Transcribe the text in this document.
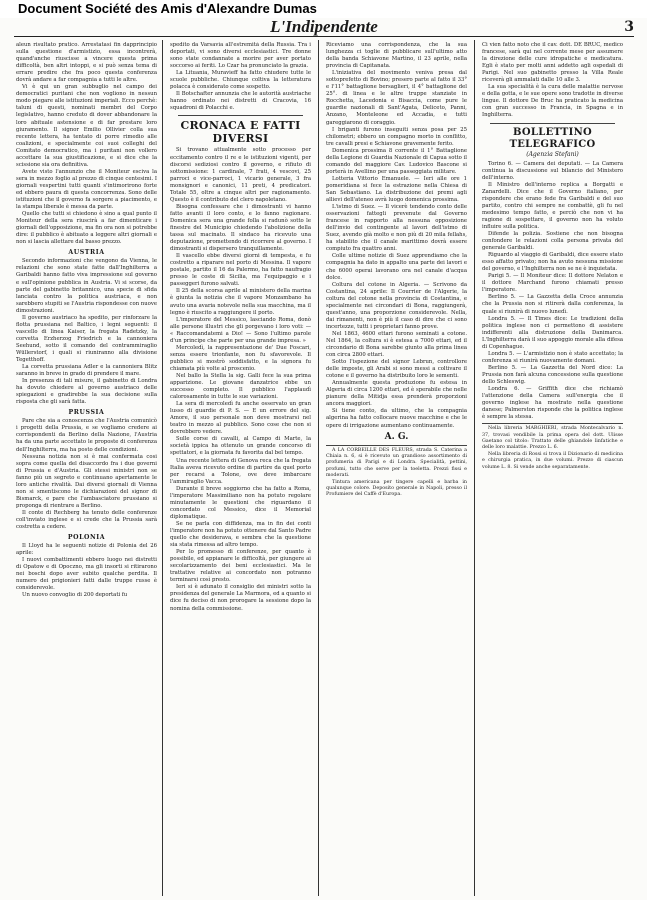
Document Société des Amis d'Alexandre Dumas
L'Indipendente	3

aleun risultato pratico. Arrestatasi fin dapprincipio sulla questione d'armistizio, essa incontrerà, quand'anche riuscisse a vincere questa prima difficoltà, ben altri intoppi, e si può senza tema di errare predire che fra poco questa conferenza dovrà andare a far compagnia a tutti le altre.

Vi è qui un gran subbuglio nel campo dei democratici puritani che non vogliono in nessun modo piegare alle istituzioni imperiali. Ecco perchè: taluni di questi, nominati membri del Corpo legislativo, hanno creduto di dover abbandonare la loro abituale astensione e di far prestare loro giuramento. Il signor Emilio Ollivier colla sua recente lettera, ha tentato di porre rimedio alle coalizioni, e specialmente coi suoi colleghi del Comitato democratico, ma i puritani non vollero accettare la sua giustificazione, e si dice che la scissione sia ora definitiva.

Avete visto l'annunzio che il Moniteur esciva la sera in mezzo foglio al prezzo di cinque centesimi. I giornali vespertini tutti quanti s'intimorirono forte ed ebbero paura di questa concorrenza. Sono delle istituzioni che il governo fa sorgere a piacimento, e la stampa liberale è messa da parte.

Quello che tutti si chiedono è sino a qual punto il Moniteur della sera riuscirà a far dimenticare i giornali dell'opposizione, ma fin ora non si potrebbe dire: il pubblico è abituato a leggere altri giornali e non si lascia allettare dal basso prezzo.

AUSTRIA

Secondo informazioni che vengono da Vienna, le relazioni che sono state fatte dall'Inghilterra a Garibaldi hanno fatto viva impressione sul governo e sull'opinione pubblica in Austria. Vi si scorse, da parte del gabinetto britannico, una specie di sfida lanciata contro la politica austriaca, e non sarebbero stupiti se l'Austria rispondesse con nuove dimostrazioni.

Il governo austriaco ha spedito, per rinforzare la flotta prussiana nel Baltico, i legni seguenti: il vascello di linea Kaiser, la fregata Radetzky, la corvetta Erzherzog Friedrich e la cannoniera Seehund, sotto il comando del contrammiraglio Wüllerstorf, i quali si riuniranno alla divisione Tegetthoff.

La corvetta prussiana Adler e la cannoniera Blitz saranno in breve in grado di prendere il mare.

In presenza di tali misure, il gabinetto di Londra ha dovuto chiedere al governo austriaco delle spiegazioni e gradirebbe la sua decisione sulla risposta che gli sarà fatta.

PRUSSIA

Pare che sia a conoscenza che l'Austria comunicò i progetti della Prussia, e se vogliamo credere ai corrispondenti da Berlino della Nazione, l'Austria ha da una parte accettato le proposte di conferenza dell'Inghilterra, ma ha posto delle condizioni.

Nessuna notizia non si è mai confermata cosi sopra come quella del disaccordo fra i due governi di Prussia e d'Austria. Gli stessi ministri non se fanno più un segreto e continuano apertamente le loro antiche rivalità. Dai diversi giornali di Vienna non si smentiscono le dichiarazioni del signor di Bismarck, e pare che l'ambasciatore prussiano si proponga di rientrare a Berlino.

Il conte di Rechberg ha tenuto delle conferenze coll'inviato inglese e si crede che la Prussia sarà costretta a cedere.

POLONIA

Il Lloyd ha le seguenti notizie di Polonia del 26 aprile:

I nuovi combattimenti ebbero luogo nei distretti di Opatow e di Opoczno, ma gli insorti si ritirarono nei boschi dopo aver subito qualche perdita. Il numero dei prigionieri fatti dalle truppe russe è considerevole.

Un nuovo convoglio di 200 deportati fu

spedito da Varsavia all'estremità della Russia. Tra i deportati, vi sono diversi ecclesiastici. Tre donne sono state condannate a morire per aver portato soccorso ai feriti. Lo Czar ha pronunciato la grazia.

La Lituania, Muravieff ha fatto chiudere tutte le scuole pubbliche. Chiunque coltiva la letteratura polacca è considerato come sospetto.

Il Botschafter annunzia che le autorità austriache hanno ordinato nei distretti di Cracovia, 16 squadroni di Polacchi e.

CRONACA E FATTI DIVERSI

Si trovano attualmente sotto processo per eccitamento contro il re e le istituzioni vigenti, per discorsi sediziosi contro il governo, e rifiuto di sottomissione: 1 cardinale, 7 frati, 4 vescovi, 25 parroci e vice-parroci, 1 vicario generale, 3 fra monsignori e canonici, 11 preti, 4 predicatori. Totale 55, oltre a cinque altri per ragionamento. Questo è il contributo del clero napoletano.

Bisogna confessare che i dimostranti vi hanno fatto avanti il loro conto, e lo fanno ragionare. Domenica sera una grande folla si radunò sotto le finestre del Municipio chiedendo l'abolizione della tassa sul macinato. Il sindaco ha ricevuto una deputazione, promettendo di ricorrere al governo. I dimostranti si dispersero tranquillamente.

Il vascello ebbe diversi giorni di tempesta, e fu costretto a riparare nel porto di Messina. Il vapore postale, partito il 16 da Palermo, ha fatto naufragio presso le coste di Sicilia, ma l'equipaggio e i passeggeri furono salvati.

Il 25 della scorsa aprile al ministero della marina è giunta la notizia che il vapore Monzambano ha avuto una avaria notevole nella sua macchina, ma il legno è riuscito a raggiungere il porto.

L'imperatore del Messico, lasciando Roma, donò alle persone illustri che gli porgevano i loro voti: — « Raccomandatemi a Dio! — Sono l'ultimo parole d'un principe che parte per una grande impresa. »

Mercoledì, la rappresentazione de' Due Foscari, senza essere trionfante, non fu sfavorevole. Il pubblico si mostrò soddisfatto, e la signora fu chiamata più volte al proscenio.

Nel ballo la Stella la sig. Galli fece la sua prima apparizione. Le giovane danzatrice ebbe un successo completo. Il pubblico l'applaudì calorosamente in tutte le sue variazioni.

La sera di mercoledì fu anche osservato un gran lusso di guardie di P. S. — E un errore del sig. Amore, il suo personale non deve mostrarsi nel teatro in mezzo al pubblico. Sono cose che non si dovrebbero vedere.

Sulle corse di cavalli, al Campo di Marte, la società ippica ha ottenuto un grande concorso di spettatori, e la giornata fu favorita dal bel tempo.

Una recente lettera di Genova reca che la fregata Italia aveva ricevuto ordine di partire da quel porto per recarsi a Tolone, ove deve imbarcare l'ammiraglio Vacca.

Durante il breve soggiorno che ha fatto a Roma, l'imperatore Massimiliano non ha potuto regolare minutamente le questioni che riguardano il concordato col Messico, dice il Memorial diplomatique.

Se ne parla con diffidenza, ma in fin dei conti l'imperatore non ha potuto ottenere dal Santo Padre quello che desiderava, e sembra che la questione sia stata rimessa ad altro tempo.

Per lo promesso di conferenze, per quanto è possibile, ed appianare le difficoltà, per giungere ai secolarizzamento dei beni ecclesiastici. Ma le trattative relative ai concordato non potranno terminarsi così presto.

Ieri si è adunato il consiglio dei ministri sotto la presidenza del generale La Marmora, ed a quanto si dice fu deciso di non prorogare la sessione dopo la nomina della commissione.

Riceviamo una corrispondenza, che la sua lunghezza ci toglie di pubblicare sull'ultimo atto della banda Schiavone Martino, il 23 aprile, nella provincia di Capitanata.

L'iniziativa del movimento veniva presa dal sottoprefetto di Bovino; presero parte al fatto il 33° e l'11° battaglione bersaglieri, il 4° battaglione del 25°. di linea e le altre truppe stanziate in Rocchetta, Lacedonia e Bisaccia, come pure le guardie nazionali di Sant'Agata, Deliceto, Panni, Anzano, Monteleone ed Accadia, e tutti gareggiarono di coraggio.

I briganti furono inseguiti senza posa per 25 chilometri; ebbero un compagno morto in conflitto, tre cavalli presi e Schiavone gravemente ferito.

Domenica prossima 8 corrente il 1° Battaglione della Legione di Guardia Nazionale di Capua sotto il comando del maggiore Cav. Ludovico Bascone si porterà in Avellino per una passeggiata militare.

Lotteria Vittorio Emanuele. — Ieri alle ore 1 pomeridiana si fece la estrazione nella Chiesa di San Sebastiano. La distribuzione dei premi agli allievi dell'ateneo avrà luogo domenica prossima.

L'istmo di Suez. — Il vicerè tendendo conto delle osservazioni fattegli prevenute dal Governo francese in rapporto alla nessuna opposizione dell'invio del contingente al lavori dell'istmo di Suez, avendo già molto e non più di 20 mila fellahs, ha stabilito che il canale marittimo dovrà essere compiuto fra quattro anni.

Colle ultime notizie di Suez apprendiamo che la compagnia ha dato in appalto una parte dei lavori e che 6000 operai lavorano ora nel canale d'acqua dolce.

Coltura del cotone in Algeria. — Scrivono da Costantina, 24 aprile: Il Courrier de l'Algerie, la coltura del cotone nella provincia di Costantina, e specialmente nei circondari di Bona, raggiungerà, quest'anno, una proporzione considerevole. Nella, dai rimanenti, non è più il caso di dire che ci sono incertezze, tutti i proprietari fanno prove.

Nel 1863, 4600 ettari furono seminati a cotone. Nel 1864, la coltura si è estesa a 7000 ettari, ed il circondario di Bona sarebbe giunto alla prima linea con circa 2800 ettari.

Sotto l'ispezione del signor Lebrun, controllore delle imposte, gli Arabi si sono messi a coltivare il cotone e il governo ha distribuito loro le sementi.

Annualmente questa produzione fu estesa in Algeria di circa 1200 ettari, ed è sperabile che nelle pianure della Mitidja essa prenderà proporzioni ancora maggiori.

Si tiene conto, da ultimo, che la compagnia algerina ha fatto collocare nuove macchine e che le opere di irrigazione aumentano continuamente.

A. G.

A LA CORBEILLE DES FLEURS, strada S. Caterina a Chiaia n. 6, si è ricevuto un grandioso assortimento di profumeria di Parigi e di Londra. Specialità, pettini, profumi, tutto che serve per la toeletta. Prezzi fissi e moderati.

Tintura americana per tingere capelli e barba in qualunque colore. Deposito generale in Napoli, presso il Profumiere del Caffè d'Europa.

Ci vien fatto noto che il cav. dott. DE BRUC, medico francese, sarà qui nel corrente mese per assumere la direzione delle cure idropatiche e medicatura. Egli è stato per molti anni addetto agli ospedali di Parigi. Nel suo gabinetto presso la Villa Reale riceverà gli ammalati dalle 10 alle 3.

La sua specialità è la cura delle malattie nervose e della gotta, e le sue opere sono tradotte in diverse lingue. Il dottore De Bruc ha praticato la medicina con gran successo in Francia, in Spagna e in Inghilterra.

BOLLETTINO TELEGRAFICO
(Agenzia Stefani)

Torino 6. — Camera dei deputati. — La Camera continua la discussione sul bilancio del Ministero dell'interno.

Il Ministro dell'interno replica a Borgatti e Zanardelli. Dice che il Governo italiano, per rispondere che erano fede fra Garibaldi e del suo partito, contro chi sempre ne combattè, gli fu nel medesimo tempo fatto, e perciò che non vi ha ragione di sospettare, il governo non ha voluto influire sulla politica.

Difende la polizia. Sostiene che non bisogna confondere le relazioni colla persona privata del generale Garibaldi.

Riguardo al viaggio di Garibaldi, dice essere stato esso affatto privato; non ha avuto nessuna missione del governo, e l'Inghilterra non se ne è inquietata.

Parigi 5. — Il Moniteur dice: Il dottore Nelaton e il dottore Marchand furono chiamati presso l'imperatore.

Berlino 5. — La Gazzetta della Croce annunzia che la Prussia non si ritirerà dalla conferenza, la quale si riunirà di nuovo lunedì.

Londra 5. — Il Times dice: Le tradizioni della politica inglese non ci permettono di assistere indifferenti alla distruzione della Danimarca. L'Inghilterra darà il suo appoggio morale alla difesa di Copenhague.

Londra 5. — L'armistizio non è stato accettato; la conferenza si riunirà nuovamente domani.

Berlino 5. — La Gazzetta del Nord dice: La Prussia non farà alcuna concessione sulla questione dello Schleswig.

Londra 6. — Griffith dice che richiamò l'attenzione della Camera sull'energia che il governo inglese ha mostrato nella questione danese; Palmerston risponde che la politica inglese è sempre la stessa.

Nella libreria MARGHIERI, strada Montecalvario n. 37, trovasi vendibile la prima opera del dott. Ulisse Gaetano col titolo: Trattato delle ghiandole linfatiche e delle loro malattie. Prezzo L. 6.

Nella libreria di Rossi si trova il Dizionario di medicina e chirurgia pratica, in due volumi. Prezzo di ciascun volume L. 8. Si vende anche separatamente.
